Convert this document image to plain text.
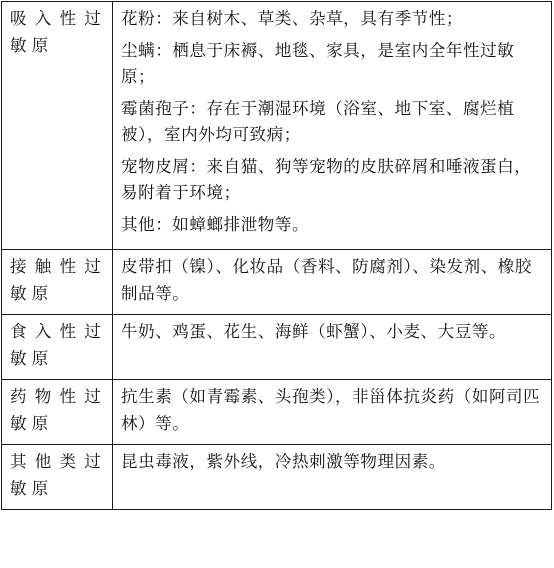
吸入性过敏原	花粉：来自树木、草类、杂草，具有季节性；
尘螨：栖息于床褥、地毯、家具，是室内全年性过敏原；
霉菌孢子：存在于潮湿环境（浴室、地下室、腐烂植被），室内外均可致病；
宠物皮屑：来自猫、狗等宠物的皮肤碎屑和唾液蛋白，易附着于环境；
其他：如蟑螂排泄物等。

接触性过敏原	皮带扣（镍）、化妆品（香料、防腐剂）、染发剂、橡胶制品等。

食入性过敏原	牛奶、鸡蛋、花生、海鲜（虾蟹）、小麦、大豆等。

药物性过敏原	抗生素（如青霉素、头孢类），非甾体抗炎药（如阿司匹林）等。

其他类过敏原	昆虫毒液，紫外线，冷热刺激等物理因素。
